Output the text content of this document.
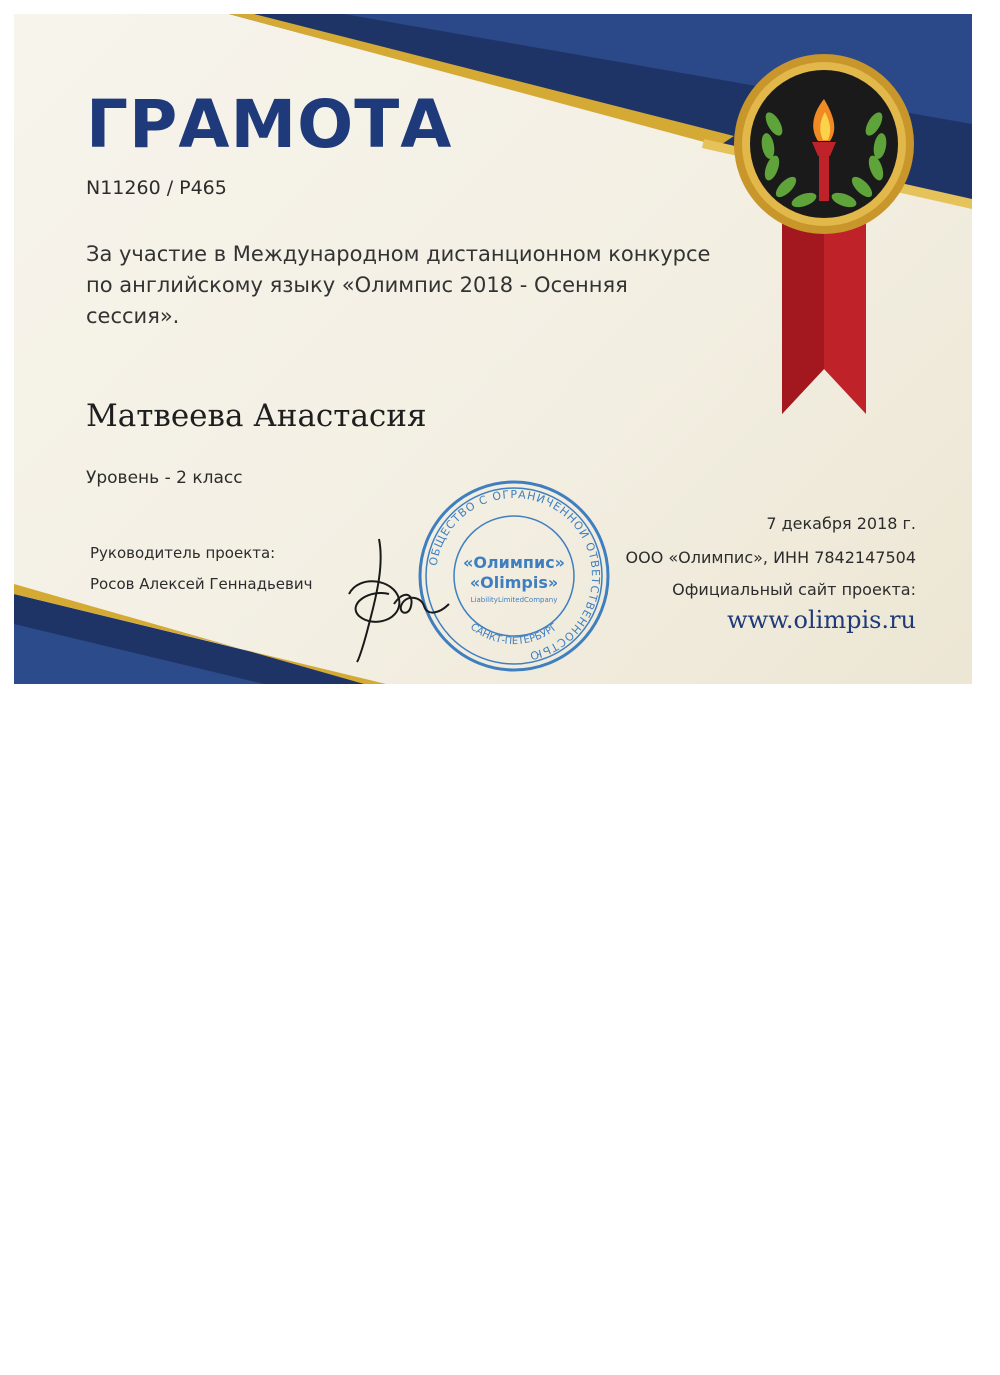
ГРАМОТА
N11260 / P465
За участие в Международном дистанционном конкурсе по английскому языку «Олимпис 2018 - Осенняя сессия».
Матвеева Анастасия
Уровень - 2 класс
Руководитель проекта:
Росов Алексей Геннадьевич
7 декабря 2018 г.
ООО «Олимпис», ИНН 7842147504
Официальный сайт проекта:
www.olimpis.ru
ОБЩЕСТВО С ОГРАНИЧЕННОЙ ОТВЕТСТВЕННОСТЬЮ
«Олимпис»
«Olimpis»
LiabilityLimitedCompany
САНКТ-ПЕТЕРБУРГ
